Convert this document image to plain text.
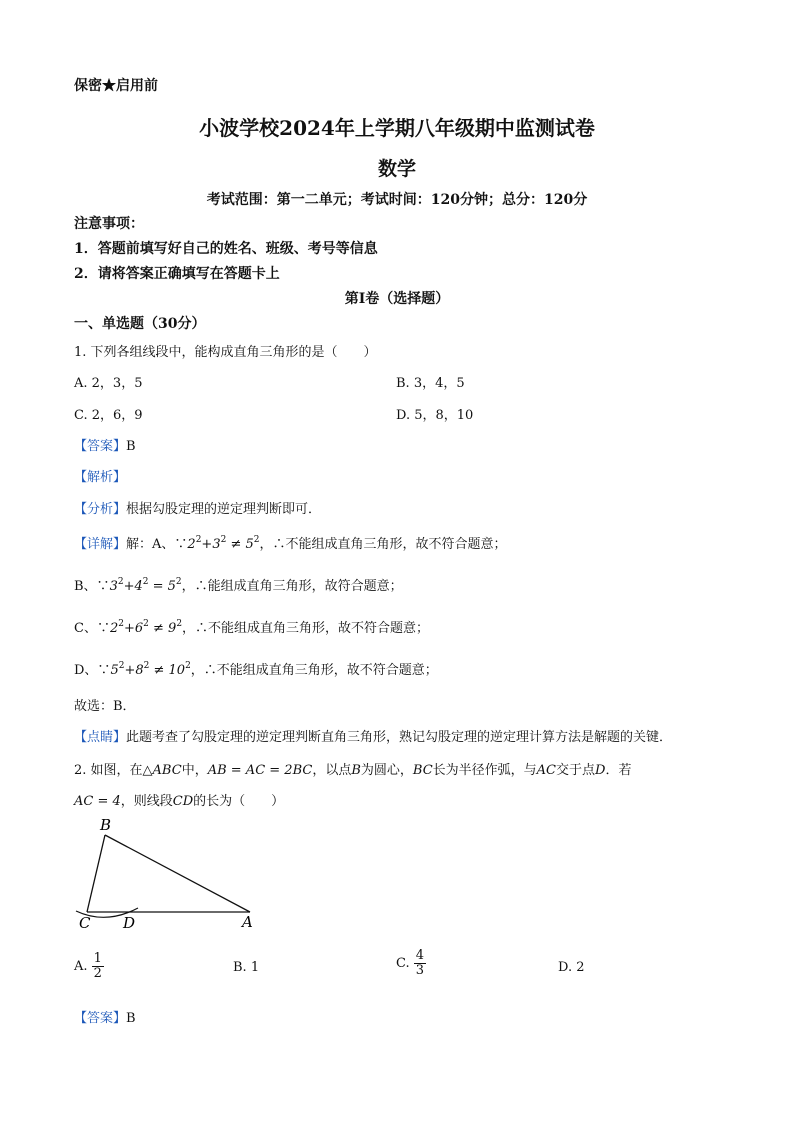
保密★启用前
小波学校2024年上学期八年级期中监测试卷
数学
考试范围：第一二单元；考试时间：120分钟；总分：120分
注意事项：
1．答题前填写好自己的姓名、班级、考号等信息
2．请将答案正确填写在答题卡上
第Ⅰ卷（选择题）
一、单选题（30分）
1. 下列各组线段中，能构成直角三角形的是（　　）
A. 2，3，5	B. 3，4，5
C. 2，6，9	D. 5，8，10
【答案】B
【解析】
【分析】根据勾股定理的逆定理判断即可．
【详解】解：A、$\because 2^2+3^2 \ne 5^2$，∴不能组成直角三角形，故不符合题意；
B、$\because 3^2+4^2 = 5^2$，∴能组成直角三角形，故符合题意；
C、$\because 2^2+6^2 \ne 9^2$，∴不能组成直角三角形，故不符合题意；
D、$\because 5^2+8^2 \ne 10^2$，∴不能组成直角三角形，故不符合题意；
故选：B．
【点睛】此题考查了勾股定理的逆定理判断直角三角形，熟记勾股定理的逆定理计算方法是解题的关键．
2. 如图，在△ABC中，AB = AC = 2BC，以点B为圆心，BC长为半径作弧，与AC交于点D．若
AC = 4，则线段CD的长为（　　）
B
C D	A
A. $\frac{1}{2}$	B. 1	C. $\frac{4}{3}$	D. 2
【答案】B
